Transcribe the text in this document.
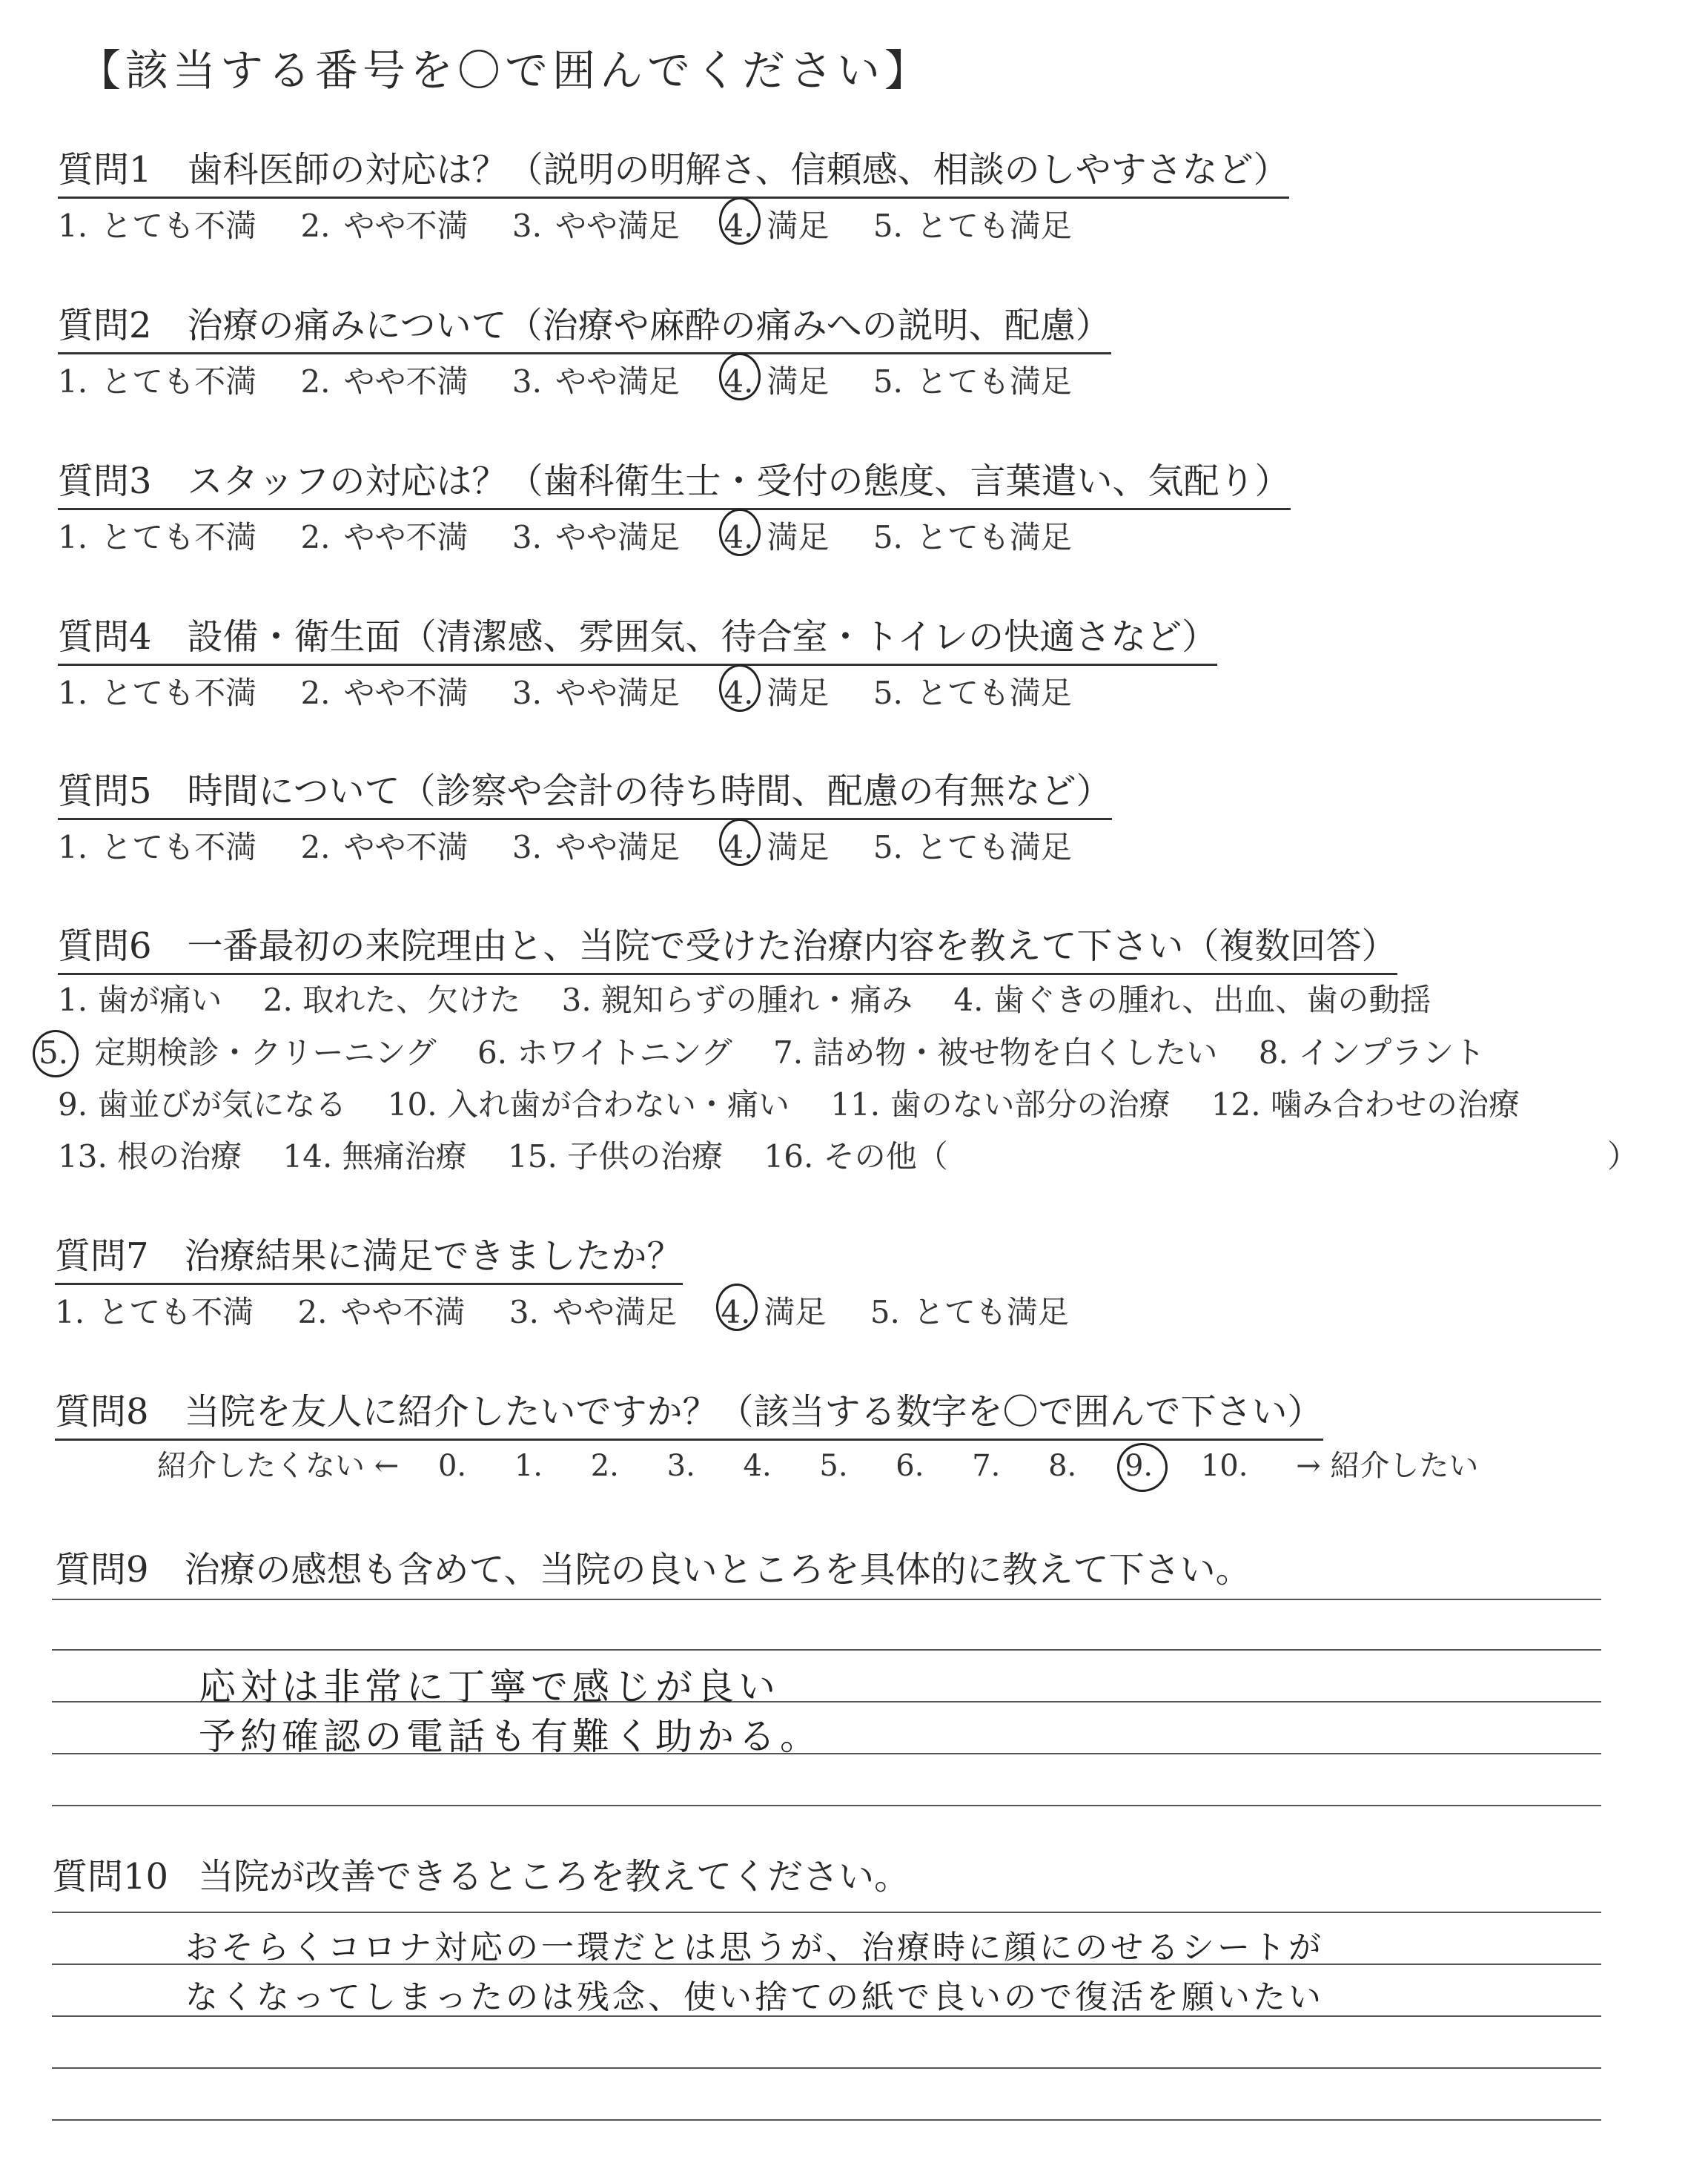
【該当する番号を〇で囲んでください】
質問1 歯科医師の対応は？（説明の明解さ、信頼感、相談のしやすさなど）
1. とても不満 2. やや不満 3. やや満足 4. 満足 5. とても満足
質問2 治療の痛みについて（治療や麻酔の痛みへの説明、配慮）
1. とても不満 2. やや不満 3. やや満足 4. 満足 5. とても満足
質問3 スタッフの対応は？（歯科衛生士・受付の態度、言葉遣い、気配り）
1. とても不満 2. やや不満 3. やや満足 4. 満足 5. とても満足
質問4 設備・衛生面（清潔感、雰囲気、待合室・トイレの快適さなど）
1. とても不満 2. やや不満 3. やや満足 4. 満足 5. とても満足
質問5 時間について（診察や会計の待ち時間、配慮の有無など）
1. とても不満 2. やや不満 3. やや満足 4. 満足 5. とても満足
質問6 一番最初の来院理由と、当院で受けた治療内容を教えて下さい（複数回答）
1. 歯が痛い 2. 取れた、欠けた 3. 親知らずの腫れ・痛み 4. 歯ぐきの腫れ、出血、歯の動揺
5. 定期検診・クリーニング 6. ホワイトニング 7. 詰め物・被せ物を白くしたい 8. インプラント
9. 歯並びが気になる 10. 入れ歯が合わない・痛い 11. 歯のない部分の治療 12. 噛み合わせの治療
13. 根の治療 14. 無痛治療 15. 子供の治療 16. その他（	）
質問7 治療結果に満足できましたか？
1. とても不満 2. やや不満 3. やや満足 4. 満足 5. とても満足
質問8 当院を友人に紹介したいですか？（該当する数字を〇で囲んで下さい）
紹介したくない ← 0. 1. 2. 3. 4. 5. 6. 7. 8. 9. 10. → 紹介したい
質問9 治療の感想も含めて、当院の良いところを具体的に教えて下さい。
応対は非常に丁寧で感じが良い
予約確認の電話も有難く助かる。
質問10 当院が改善できるところを教えてください。
おそらくコロナ対応の一環だとは思うが、治療時に顔にのせるシートが
なくなってしまったのは残念、使い捨ての紙で良いので復活を願いたい
